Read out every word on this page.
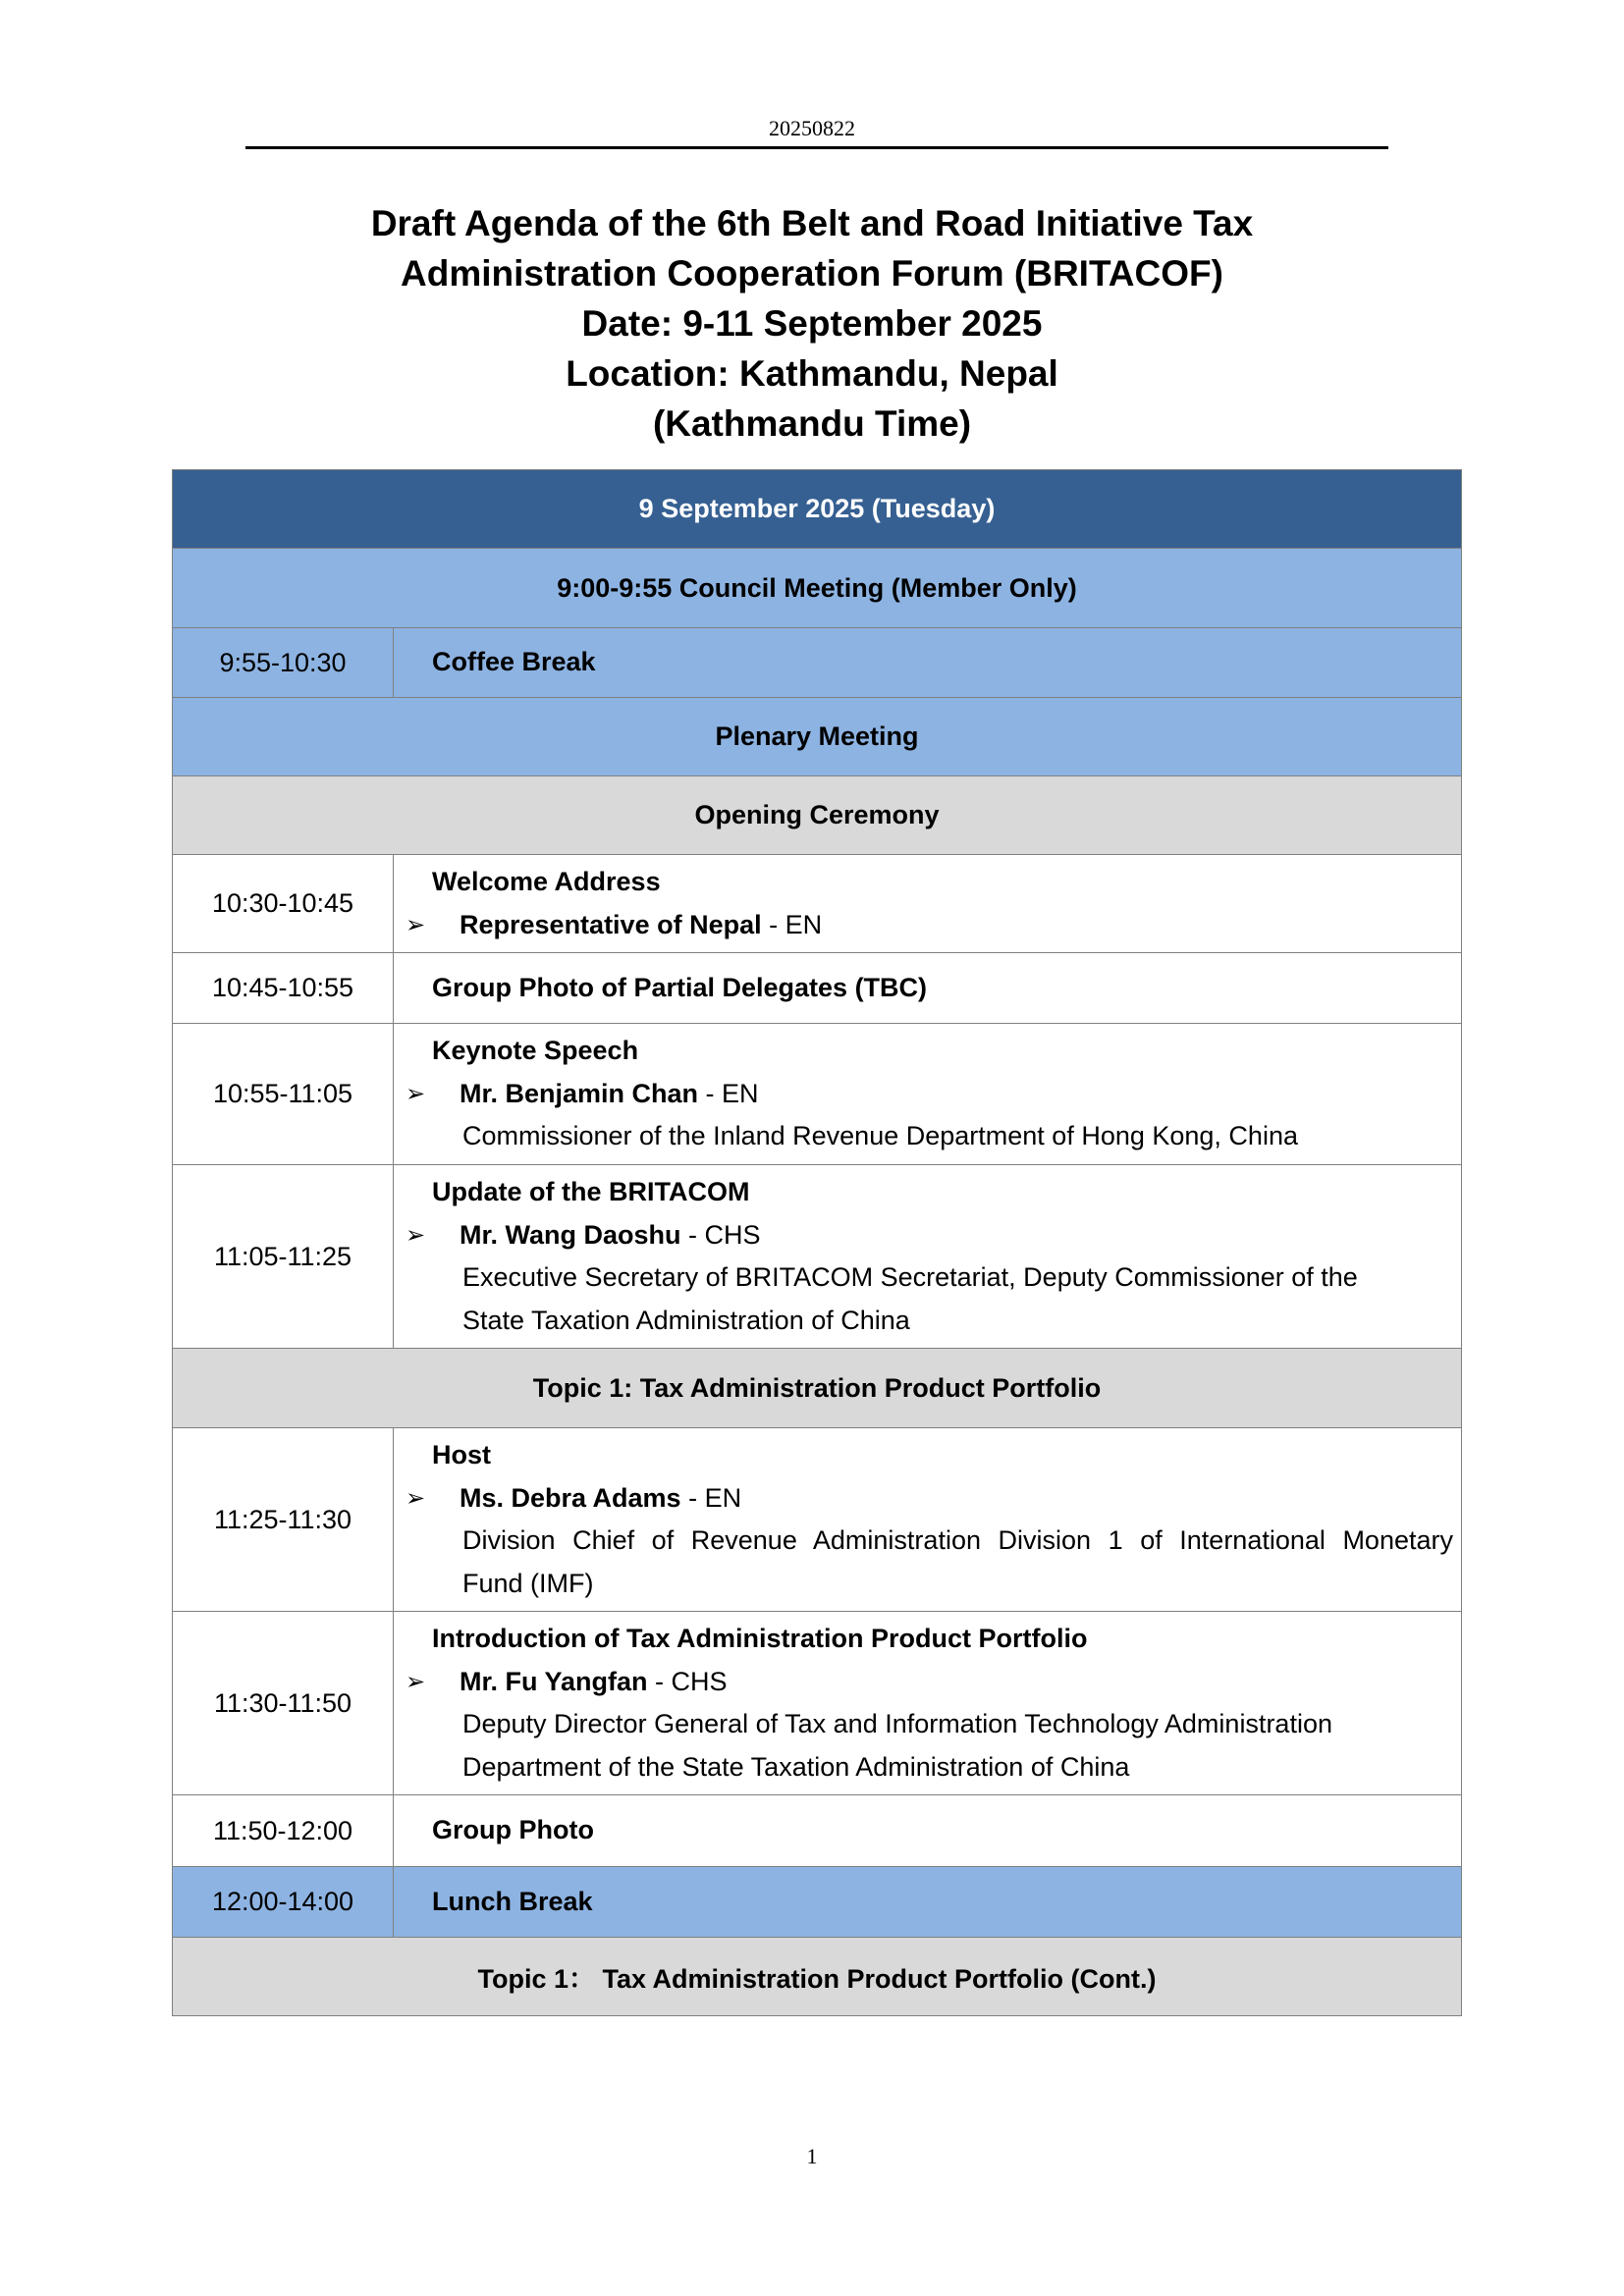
20250822
Draft Agenda of the 6th Belt and Road Initiative Tax
Administration Cooperation Forum (BRITACOF)
Date: 9-11 September 2025
Location: Kathmandu, Nepal
(Kathmandu Time)
9 September 2025 (Tuesday)	
9:00-9:55 Council Meeting (Member Only)	
9:55-10:30	Coffee Break
Plenary Meeting	
Opening Ceremony	
10:30-10:45	Welcome Address
➢ Representative of Nepal - EN

10:45-10:55	Group Photo of Partial Delegates (TBC)
10:55-11:05	Keynote Speech
➢ Mr. Benjamin Chan - EN
Commissioner of the Inland Revenue Department of Hong Kong, China

11:05-11:25	Update of the BRITACOM
➢ Mr. Wang Daoshu - CHS
Executive Secretary of BRITACOM Secretariat, Deputy Commissioner of the
State Taxation Administration of China

Topic 1: Tax Administration Product Portfolio	
11:25-11:30	Host
➢ Ms. Debra Adams - EN
Division Chief of Revenue Administration Division 1 of International Monetary
Fund (IMF)

11:30-11:50	Introduction of Tax Administration Product Portfolio
➢ Mr. Fu Yangfan - CHS
Deputy Director General of Tax and Information Technology Administration
Department of the State Taxation Administration of China

11:50-12:00	Group Photo
12:00-14:00	Lunch Break
Topic 1： Tax Administration Product Portfolio (Cont.)	
1
